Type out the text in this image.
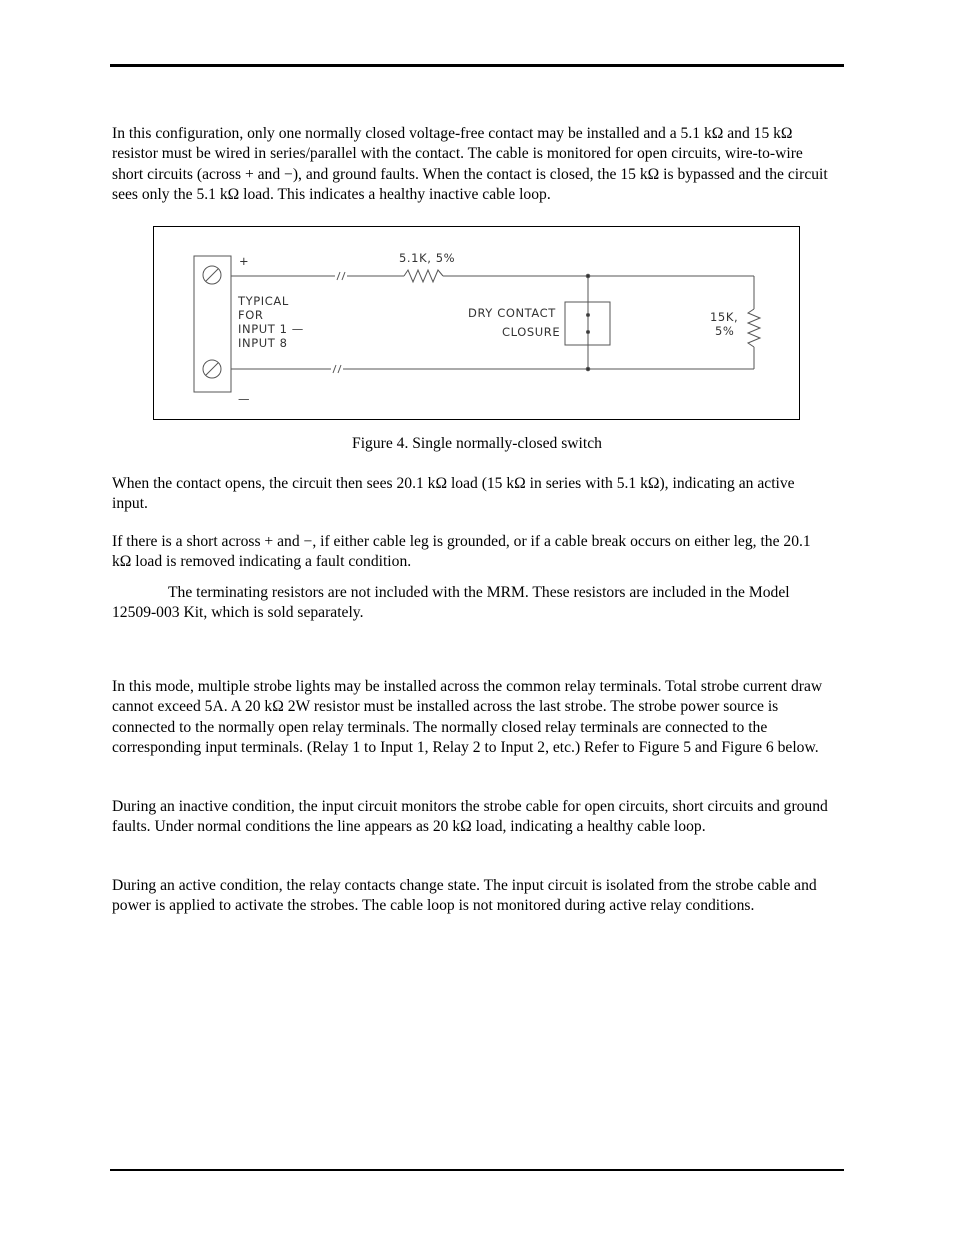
In this configuration, only one normally closed voltage-free contact may be installed and a 5.1 kΩ and 15 kΩ resistor must be wired in series/parallel with the contact. The cable is monitored for open circuits, wire-to-wire short circuits (across + and −), and ground faults. When the contact is closed, the 15 kΩ is bypassed and the circuit sees only the 5.1 kΩ load. This indicates a healthy inactive cable loop.

+
—
TYPICAL
FOR
INPUT 1 —
INPUT 8
5.1K, 5%
DRY CONTACT
CLOSURE
15K,
5%

Figure 4. Single normally-closed switch

When the contact opens, the circuit then sees 20.1 kΩ load (15 kΩ in series with 5.1 kΩ), indicating an active input.

If there is a short across + and −, if either cable leg is grounded, or if a cable break occurs on either leg, the 20.1 kΩ load is removed indicating a fault condition.

The terminating resistors are not included with the MRM. These resistors are included in the Model 12509-003 Kit, which is sold separately.

In this mode, multiple strobe lights may be installed across the common relay terminals. Total strobe current draw cannot exceed 5A. A 20 kΩ 2W resistor must be installed across the last strobe. The strobe power source is connected to the normally open relay terminals. The normally closed relay terminals are connected to the corresponding input terminals. (Relay 1 to Input 1, Relay 2 to Input 2, etc.) Refer to Figure 5 and Figure 6 below.

During an inactive condition, the input circuit monitors the strobe cable for open circuits, short circuits and ground faults. Under normal conditions the line appears as 20 kΩ load, indicating a healthy cable loop.

During an active condition, the relay contacts change state. The input circuit is isolated from the strobe cable and power is applied to activate the strobes. The cable loop is not monitored during active relay conditions.
